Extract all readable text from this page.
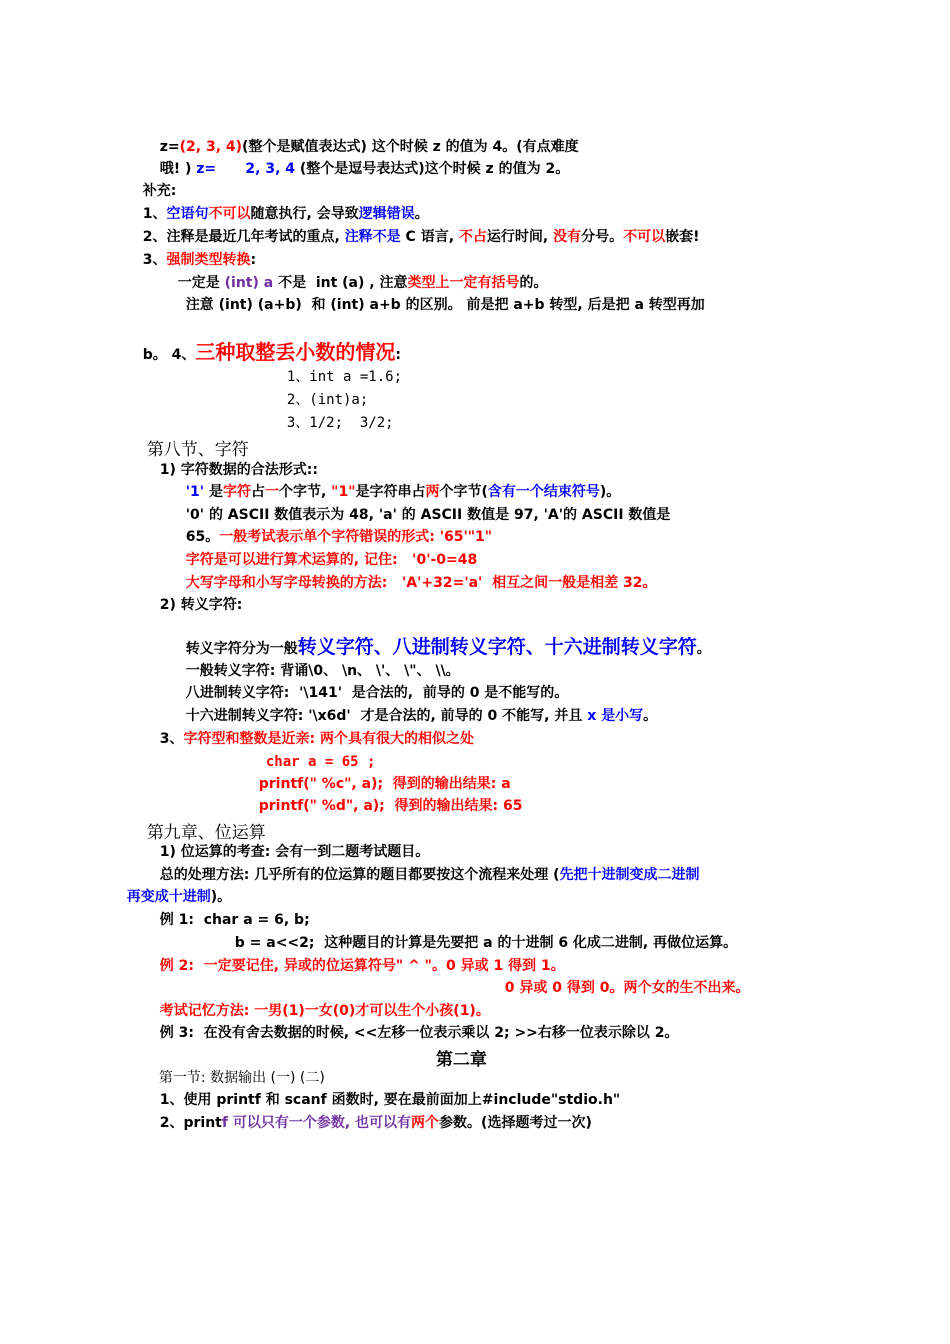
z=(2, 3, 4)(整个是赋值表达式) 这个时候 z 的值为 4。(有点难度

哦! ) z=      2, 3, 4 (整个是逗号表达式)这个时候 z 的值为 2。

补充:

1、空语句不可以随意执行, 会导致逻辑错误。

2、注释是最近几年考试的重点, 注释不是 C 语言, 不占运行时间, 没有分号。不可以嵌套!

3、强制类型转换:

一定是 (int) a 不是  int (a) , 注意类型上一定有括号的。

注意 (int) (a+b)  和 (int) a+b 的区别。 前是把 a+b 转型, 后是把 a 转型再加

b。 4、三种取整丢小数的情况:

1、int a =1.6;

2、(int)a;

3、1/2;  3/2;

第八节、字符

1) 字符数据的合法形式::

'1' 是字符占一个字节, "1"是字符串占两个字节(含有一个结束符号)。

'0' 的 ASCII 数值表示为 48, 'a' 的 ASCII 数值是 97, 'A'的 ASCII 数值是

65。一般考试表示单个字符错误的形式: '65'"1"

字符是可以进行算术运算的, 记住:   '0'-0=48

大写字母和小写字母转换的方法:   'A'+32='a'  相互之间一般是相差 32。

2) 转义字符:

转义字符分为一般转义字符、八进制转义字符、十六进制转义字符。

一般转义字符: 背诵\0、 \n、 \'、 \"、 \\。

八进制转义字符:  '\141'  是合法的,  前导的 0 是不能写的。

十六进制转义字符: '\x6d'  才是合法的, 前导的 0 不能写, 并且 x 是小写。

3、字符型和整数是近亲: 两个具有很大的相似之处

char a = 65 ;

printf(" %c", a);  得到的输出结果: a

printf(" %d", a);  得到的输出结果: 65

第九章、位运算

1) 位运算的考查: 会有一到二题考试题目。

总的处理方法: 几乎所有的位运算的题目都要按这个流程来处理 (先把十进制变成二进制

再变成十进制)。

例 1:  char a = 6, b;

b = a<<2;  这种题目的计算是先要把 a 的十进制 6 化成二进制, 再做位运算。

例 2:  一定要记住, 异或的位运算符号" ^ "。0 异或 1 得到 1。

0 异或 0 得到 0。两个女的生不出来。

考试记忆方法: 一男(1)一女(0)才可以生个小孩(1)。

例 3:  在没有舍去数据的时候, <<左移一位表示乘以 2; >>右移一位表示除以 2。

第二章

第一节: 数据输出 (一) (二)

1、使用 printf 和 scanf 函数时, 要在最前面加上#include"stdio.h"

2、printf 可以只有一个参数, 也可以有两个参数。(选择题考过一次)
